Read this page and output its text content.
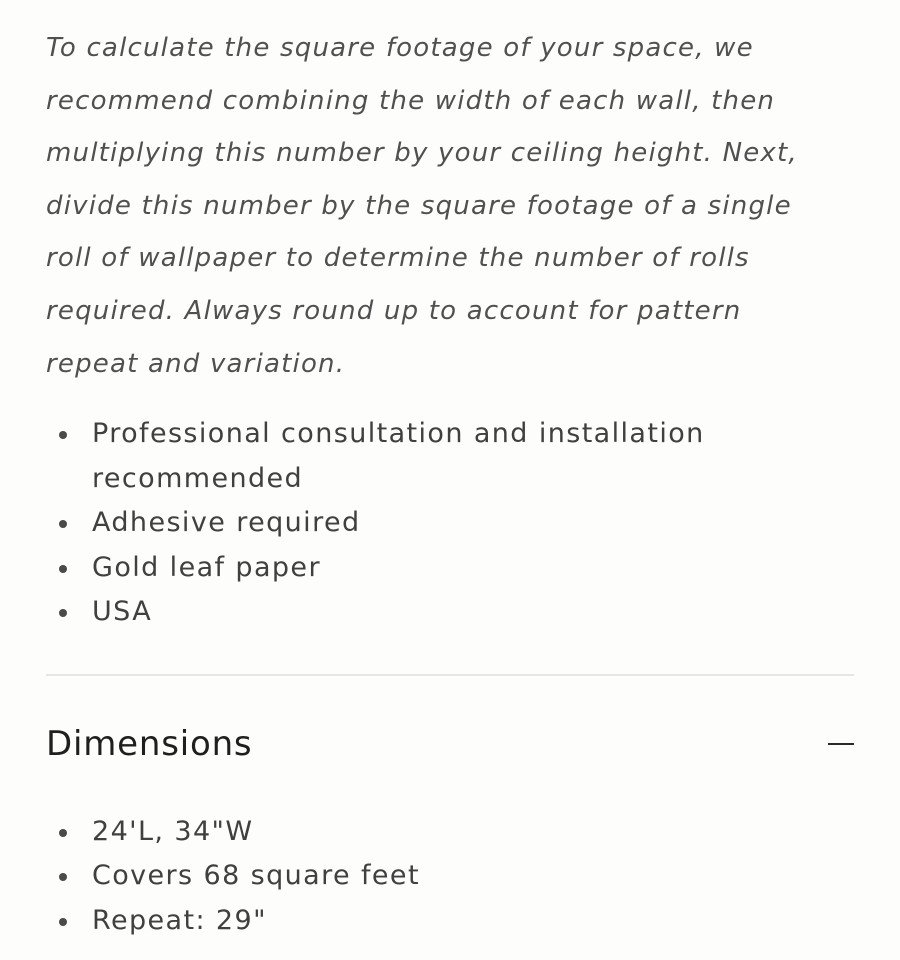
To calculate the square footage of your space, we recommend combining the width of each wall, then multiplying this number by your ceiling height. Next, divide this number by the square footage of a single roll of wallpaper to determine the number of rolls required. Always round up to account for pattern repeat and variation.

Professional consultation and installation recommended
Adhesive required
Gold leaf paper
USA
Dimensions
24'L, 34"W
Covers 68 square feet
Repeat: 29"
